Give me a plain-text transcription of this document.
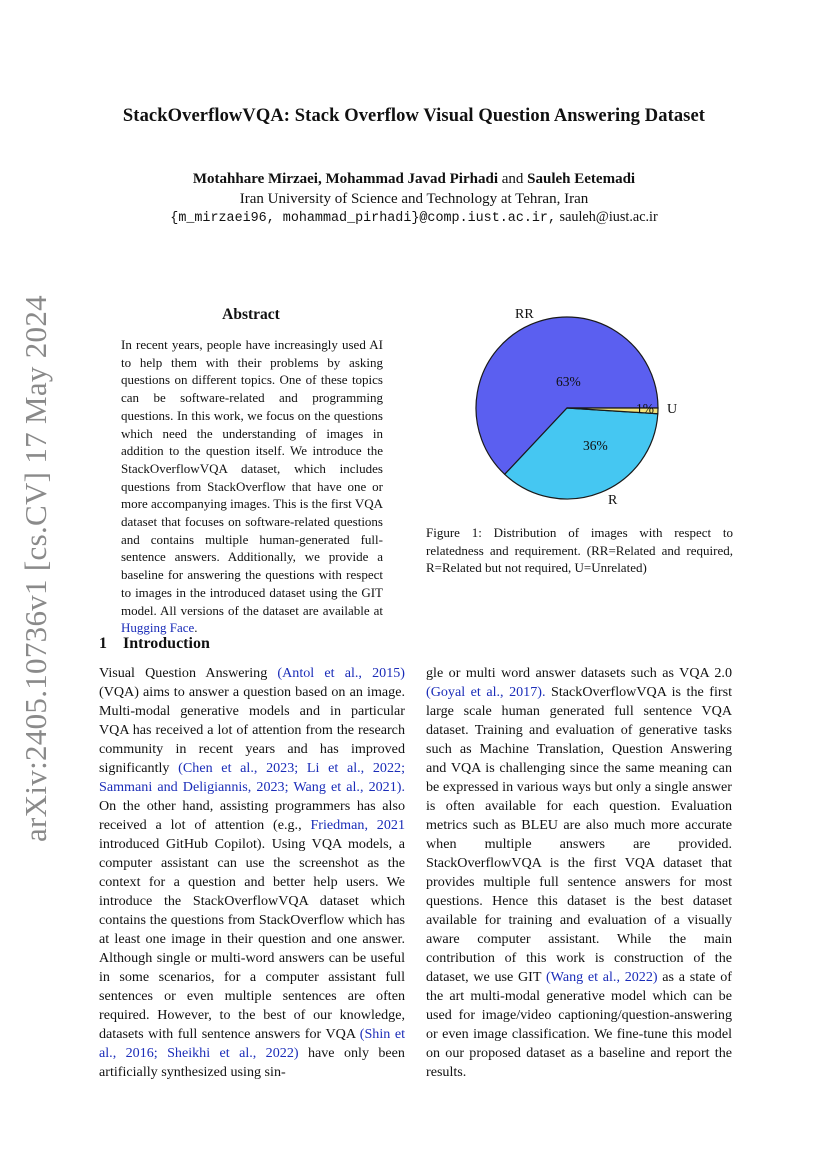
StackOverflowVQA: Stack Overflow Visual Question Answering Dataset
Motahhare Mirzaei, Mohammad Javad Pirhadi and Sauleh Eetemadi
Iran University of Science and Technology at Tehran, Iran
{m_mirzaei96, mohammad_pirhadi}@comp.iust.ac.ir, sauleh@iust.ac.ir
arXiv:2405.10736v1 [cs.CV] 17 May 2024	Abstract
In recent years, people have increasingly used AI to help them with their problems by asking questions on different topics. One of these topics can be software-related and programming questions. In this work, we focus on the questions which need the understanding of images in addition to the question itself. We introduce the StackOverflowVQA dataset, which includes questions from StackOverflow that have one or more accompanying images. This is the first VQA dataset that focuses on software-related questions and contains multiple human-generated full-sentence answers. Additionally, we provide a baseline for answering the questions with respect to images in the introduced dataset using the GIT model. All versions of the dataset are available at Hugging Face.
RR
63%
R
36%
U
1%
Figure 1: Distribution of images with respect to relatedness and requirement. (RR=Related and required, R=Related but not required, U=Unrelated)
1 Introduction
Visual Question Answering (Antol et al., 2015) (VQA) aims to answer a question based on an image. Multi-modal generative models and in particular VQA has received a lot of attention from the research community in recent years and has improved significantly (Chen et al., 2023; Li et al., 2022; Sammani and Deligiannis, 2023; Wang et al., 2021). On the other hand, assisting programmers has also received a lot of attention (e.g., Friedman, 2021 introduced GitHub Copilot). Using VQA models, a computer assistant can use the screenshot as the context for a question and better help users. We introduce the StackOverflowVQA dataset which contains the questions from StackOverflow which has at least one image in their question and one answer. Although single or multi-word answers can be useful in some scenarios, for a computer assistant full sentences or even multiple sentences are often required. However, to the best of our knowledge, datasets with full sentence answers for VQA (Shin et al., 2016; Sheikhi et al., 2022) have only been artificially synthesized using sin-
gle or multi word answer datasets such as VQA 2.0 (Goyal et al., 2017). StackOverflowVQA is the first large scale human generated full sentence VQA dataset. Training and evaluation of generative tasks such as Machine Translation, Question Answering and VQA is challenging since the same meaning can be expressed in various ways but only a single answer is often available for each question. Evaluation metrics such as BLEU are also much more accurate when multiple answers are provided. StackOverflowVQA is the first VQA dataset that provides multiple full sentence answers for most questions. Hence this dataset is the best dataset available for training and evaluation of a visually aware computer assistant. While the main contribution of this work is construction of the dataset, we use GIT (Wang et al., 2022) as a state of the art multi-modal generative model which can be used for image/video captioning/question-answering or even image classification. We fine-tune this model on our proposed dataset as a baseline and report the results.
